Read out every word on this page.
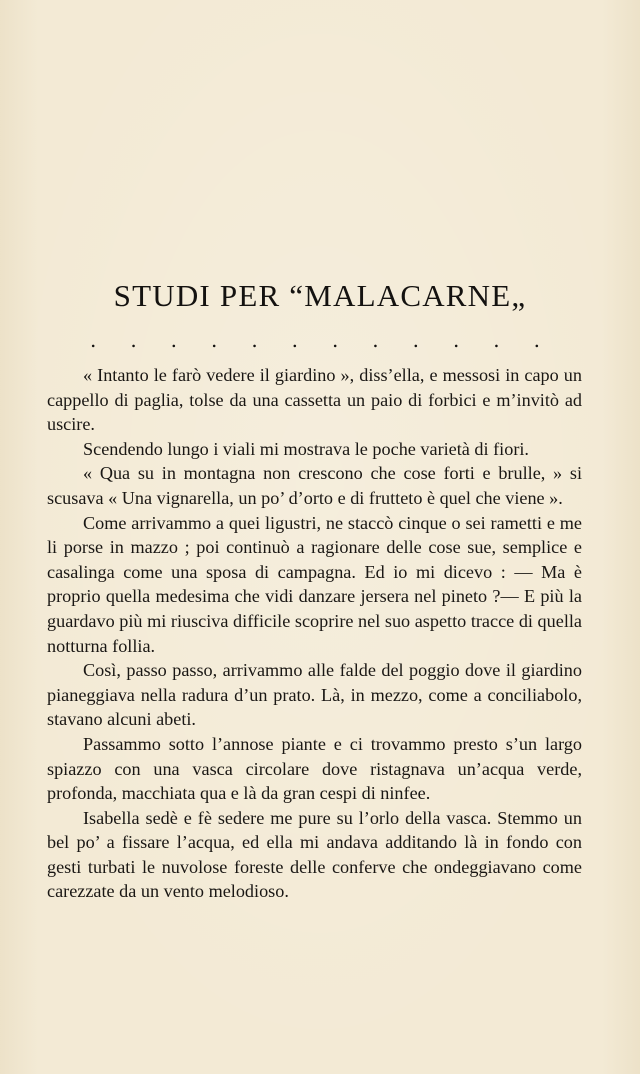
STUDI PER “MALACARNE„
. . . . . . . . . . . .

« Intanto le farò vedere il giardino », diss’ella, e messosi in capo un cappello di paglia, tolse da una cassetta un paio di forbici e m’invitò ad uscire.

Scendendo lungo i viali mi mostrava le poche varietà di fiori.

« Qua su in montagna non crescono che cose forti e brulle, » si scusava « Una vignarella, un po’ d’orto e di frutteto è quel che viene ».

Come arrivammo a quei ligustri, ne staccò cinque o sei rametti e me li porse in mazzo ; poi continuò a ragionare delle cose sue, semplice e casalinga come una sposa di campagna. Ed io mi dicevo : — Ma è proprio quella medesima che vidi danzare jersera nel pineto ?— E più la guardavo più mi riusciva difficile scoprire nel suo aspetto tracce di quella notturna follia.

Così, passo passo, arrivammo alle falde del poggio dove il giardino pianeggiava nella radura d’un prato. Là, in mezzo, come a conciliabolo, stavano alcuni abeti.

Passammo sotto l’annose piante e ci trovammo presto s’un largo spiazzo con una vasca circolare dove ristagnava un’acqua verde, profonda, macchiata qua e là da gran cespi di ninfee.

Isabella sedè e fè sedere me pure su l’orlo della vasca. Stemmo un bel po’ a fissare l’acqua, ed ella mi andava additando là in fondo con gesti turbati le nuvolose foreste delle conferve che ondeggiavano come carezzate da un vento melodioso.
